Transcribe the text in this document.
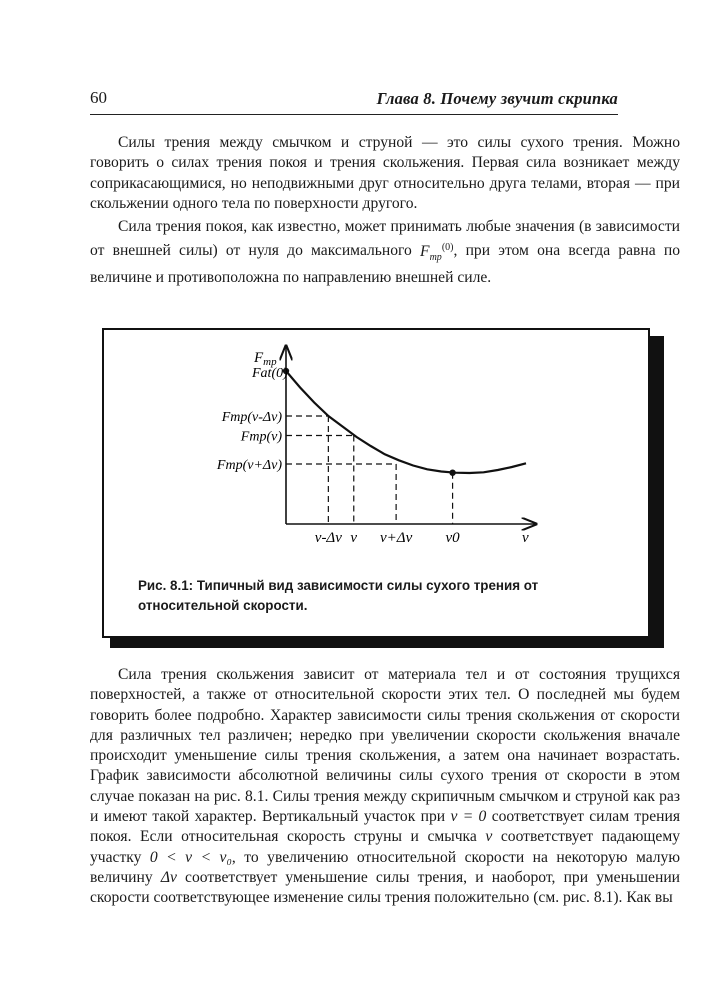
60	Глава 8. Почему звучит скрипка

Силы трения между смычком и струной — это силы сухого трения. Можно говорить о силах трения покоя и трения скольжения. Первая сила возникает между соприкасающимися, но неподвижными друг относительно друга телами, вторая — при скольжении одного тела по поверхности другого.

Сила трения покоя, как известно, может принимать любые значения (в зависимости от внешней силы) от нуля до максимального $F_{тр}^{(0)}$, при этом она всегда равна по величине и противоположна по направлению внешней силе.

$F_{тр}$
v
Fat(0)
Fтр(v-Δv)
v-Δv
Fтр(v)
v
Fтр(v+Δv)
v+Δv v0
Рис. 8.1: Типичный вид зависимости силы сухого трения от относительной скорости.

Сила трения скольжения зависит от материала тел и от состояния трущихся поверхностей, а также от относительной скорости этих тел. О последней мы будем говорить более подробно. Характер зависимости силы трения скольжения от скорости для различных тел различен; нередко при увеличении скорости скольжения вначале происходит уменьшение силы трения скольжения, а затем она начинает возрастать. График зависимости абсолютной величины силы сухого трения от скорости в этом случае показан на рис. 8.1. Силы трения между скрипичным смычком и струной как раз и имеют такой характер. Вертикальный участок при v = 0 соответствует силам трения покоя. Если относительная скорость струны и смычка v соответствует падающему участку 0 < v < v₀, то увеличению относительной скорости на некоторую малую величину Δv соответствует уменьшение силы трения, и наоборот, при уменьшении скорости соответствующее изменение силы трения положительно (см. рис. 8.1). Как вы
